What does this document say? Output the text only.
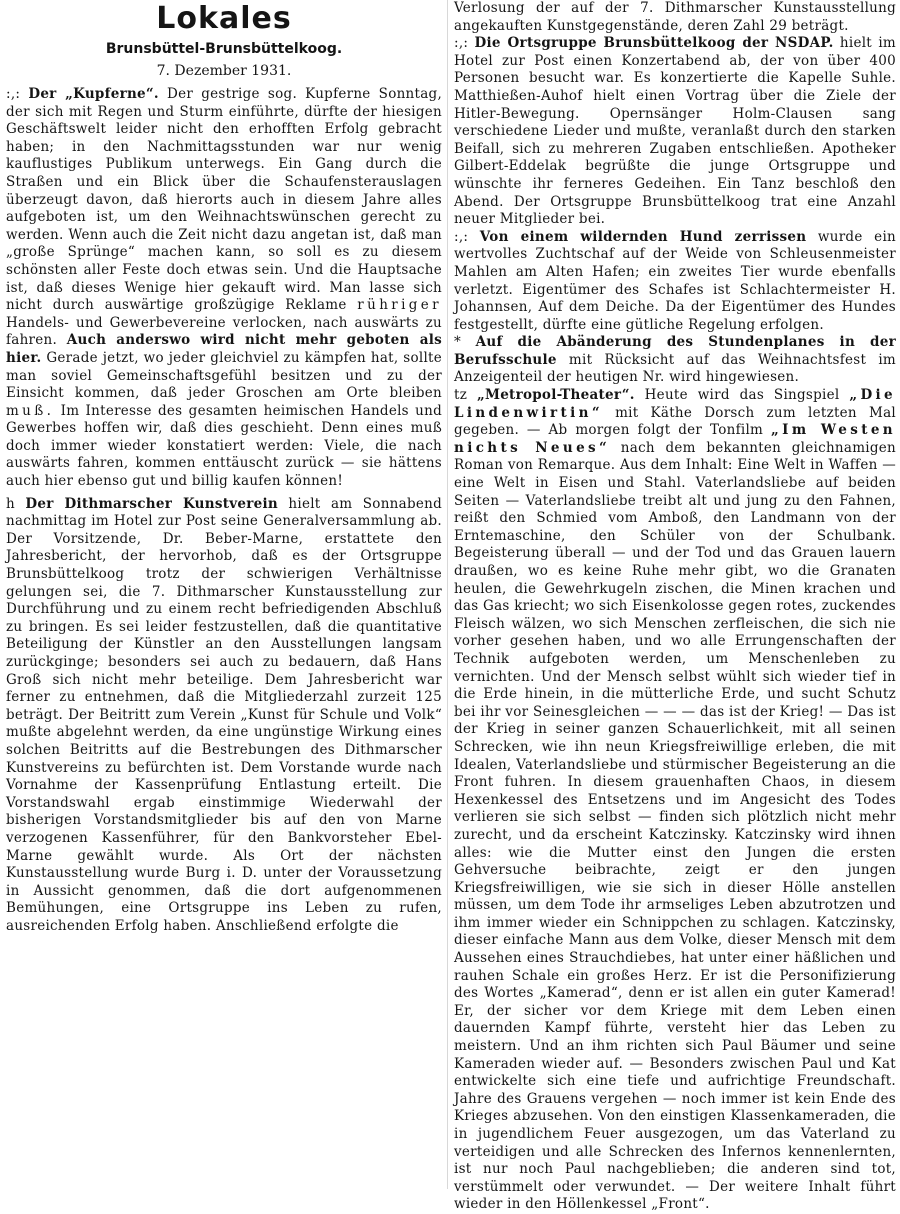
Lokales
Brunsbüttel-Brunsbüttelkoog.
7. Dezember 1931.

:,: Der „Kupferne“. Der gestrige sog. Kupferne Sonntag, der sich mit Regen und Sturm einführte, dürfte der hiesigen Geschäftswelt leider nicht den erhofften Erfolg gebracht haben; in den Nachmittagsstunden war nur wenig kauflustiges Publikum unterwegs. Ein Gang durch die Straßen und ein Blick über die Schaufensterauslagen überzeugt davon, daß hierorts auch in diesem Jahre alles aufgeboten ist, um den Weihnachtswünschen gerecht zu werden. Wenn auch die Zeit nicht dazu angetan ist, daß man „große Sprünge“ machen kann, so soll es zu diesem schönsten aller Feste doch etwas sein. Und die Hauptsache ist, daß dieses Wenige hier gekauft wird. Man lasse sich nicht durch auswärtige großzügige Reklame rühriger Handels- und Gewerbevereine verlocken, nach auswärts zu fahren. Auch anderswo wird nicht mehr geboten als hier. Gerade jetzt, wo jeder gleichviel zu kämpfen hat, sollte man soviel Gemeinschaftsgefühl besitzen und zu der Einsicht kommen, daß jeder Groschen am Orte bleiben muß. Im Interesse des gesamten heimischen Handels und Gewerbes hoffen wir, daß dies geschieht. Denn eines muß doch immer wieder konstatiert werden: Viele, die nach auswärts fahren, kommen enttäuscht zurück — sie hättens auch hier ebenso gut und billig kaufen können!

h Der Dithmarscher Kunstverein hielt am Sonnabend nachmittag im Hotel zur Post seine Generalversammlung ab. Der Vorsitzende, Dr. Beber-Marne, erstattete den Jahresbericht, der hervorhob, daß es der Ortsgruppe Brunsbüttelkoog trotz der schwierigen Verhältnisse gelungen sei, die 7. Dithmarscher Kunstausstellung zur Durchführung und zu einem recht befriedigenden Abschluß zu bringen. Es sei leider festzustellen, daß die quantitative Beteiligung der Künstler an den Ausstellungen langsam zurückginge; besonders sei auch zu bedauern, daß Hans Groß sich nicht mehr beteilige. Dem Jahresbericht war ferner zu entnehmen, daß die Mitgliederzahl zurzeit 125 beträgt. Der Beitritt zum Verein „Kunst für Schule und Volk“ mußte abgelehnt werden, da eine ungünstige Wirkung eines solchen Beitritts auf die Bestrebungen des Dithmarscher Kunstvereins zu befürchten ist. Dem Vorstande wurde nach Vornahme der Kassenprüfung Entlastung erteilt. Die Vorstandswahl ergab einstimmige Wiederwahl der bisherigen Vorstandsmitglieder bis auf den von Marne verzogenen Kassenführer, für den Bankvorsteher Ebel-Marne gewählt wurde. Als Ort der nächsten Kunstausstellung wurde Burg i. D. unter der Voraussetzung in Aussicht genommen, daß die dort aufgenommenen Bemühungen, eine Ortsgruppe ins Leben zu rufen, ausreichenden Erfolg haben. Anschließend erfolgte die

Verlosung der auf der 7. Dithmarscher Kunstausstellung angekauften Kunstgegenstände, deren Zahl 29 beträgt.

:,: Die Ortsgruppe Brunsbüttelkoog der NSDAP. hielt im Hotel zur Post einen Konzertabend ab, der von über 400 Personen besucht war. Es konzertierte die Kapelle Suhle. Matthießen-Auhof hielt einen Vortrag über die Ziele der Hitler-Bewegung. Opernsänger Holm-Clausen sang verschiedene Lieder und mußte, veranlaßt durch den starken Beifall, sich zu mehreren Zugaben entschließen. Apotheker Gilbert-Eddelak begrüßte die junge Ortsgruppe und wünschte ihr ferneres Gedeihen. Ein Tanz beschloß den Abend. Der Ortsgruppe Brunsbüttelkoog trat eine Anzahl neuer Mitglieder bei.

:,: Von einem wildernden Hund zerrissen wurde ein wertvolles Zuchtschaf auf der Weide von Schleusenmeister Mahlen am Alten Hafen; ein zweites Tier wurde ebenfalls verletzt. Eigentümer des Schafes ist Schlachtermeister H. Johannsen, Auf dem Deiche. Da der Eigentümer des Hundes festgestellt, dürfte eine gütliche Regelung erfolgen.

* Auf die Abänderung des Stundenplanes in der Berufsschule mit Rücksicht auf das Weihnachtsfest im Anzeigenteil der heutigen Nr. wird hingewiesen.

tz „Metropol-Theater“. Heute wird das Singspiel „Die Lindenwirtin“ mit Käthe Dorsch zum letzten Mal gegeben. — Ab morgen folgt der Tonfilm „Im Westen nichts Neues“ nach dem bekannten gleichnamigen Roman von Remarque. Aus dem Inhalt: Eine Welt in Waffen — eine Welt in Eisen und Stahl. Vaterlandsliebe auf beiden Seiten — Vaterlandsliebe treibt alt und jung zu den Fahnen, reißt den Schmied vom Amboß, den Landmann von der Erntemaschine, den Schüler von der Schulbank. Begeisterung überall — und der Tod und das Grauen lauern draußen, wo es keine Ruhe mehr gibt, wo die Granaten heulen, die Gewehrkugeln zischen, die Minen krachen und das Gas kriecht; wo sich Eisenkolosse gegen rotes, zuckendes Fleisch wälzen, wo sich Menschen zerfleischen, die sich nie vorher gesehen haben, und wo alle Errungenschaften der Technik aufgeboten werden, um Menschenleben zu vernichten. Und der Mensch selbst wühlt sich wieder tief in die Erde hinein, in die mütterliche Erde, und sucht Schutz bei ihr vor Seinesgleichen — — — das ist der Krieg! — Das ist der Krieg in seiner ganzen Schauerlichkeit, mit all seinen Schrecken, wie ihn neun Kriegsfreiwillige erleben, die mit Idealen, Vaterlandsliebe und stürmischer Begeisterung an die Front fuhren. In diesem grauenhaften Chaos, in diesem Hexenkessel des Entsetzens und im Angesicht des Todes verlieren sie sich selbst — finden sich plötzlich nicht mehr zurecht, und da erscheint Katczinsky. Katczinsky wird ihnen alles: wie die Mutter einst den Jungen die ersten Gehversuche beibrachte, zeigt er den jungen Kriegsfreiwilligen, wie sie sich in dieser Hölle anstellen müssen, um dem Tode ihr armseliges Leben abzutrotzen und ihm immer wieder ein Schnippchen zu schlagen. Katczinsky, dieser einfache Mann aus dem Volke, dieser Mensch mit dem Aussehen eines Strauchdiebes, hat unter einer häßlichen und rauhen Schale ein großes Herz. Er ist die Personifizierung des Wortes „Kamerad“, denn er ist allen ein guter Kamerad! Er, der sicher vor dem Kriege mit dem Leben einen dauernden Kampf führte, versteht hier das Leben zu meistern. Und an ihm richten sich Paul Bäumer und seine Kameraden wieder auf. — Besonders zwischen Paul und Kat entwickelte sich eine tiefe und aufrichtige Freundschaft. Jahre des Grauens vergehen — noch immer ist kein Ende des Krieges abzusehen. Von den einstigen Klassenkameraden, die in jugendlichem Feuer ausgezogen, um das Vaterland zu verteidigen und alle Schrecken des Infernos kennenlernten, ist nur noch Paul nachgeblieben; die anderen sind tot, verstümmelt oder verwundet. — Der weitere Inhalt führt wieder in den Höllenkessel „Front“.
